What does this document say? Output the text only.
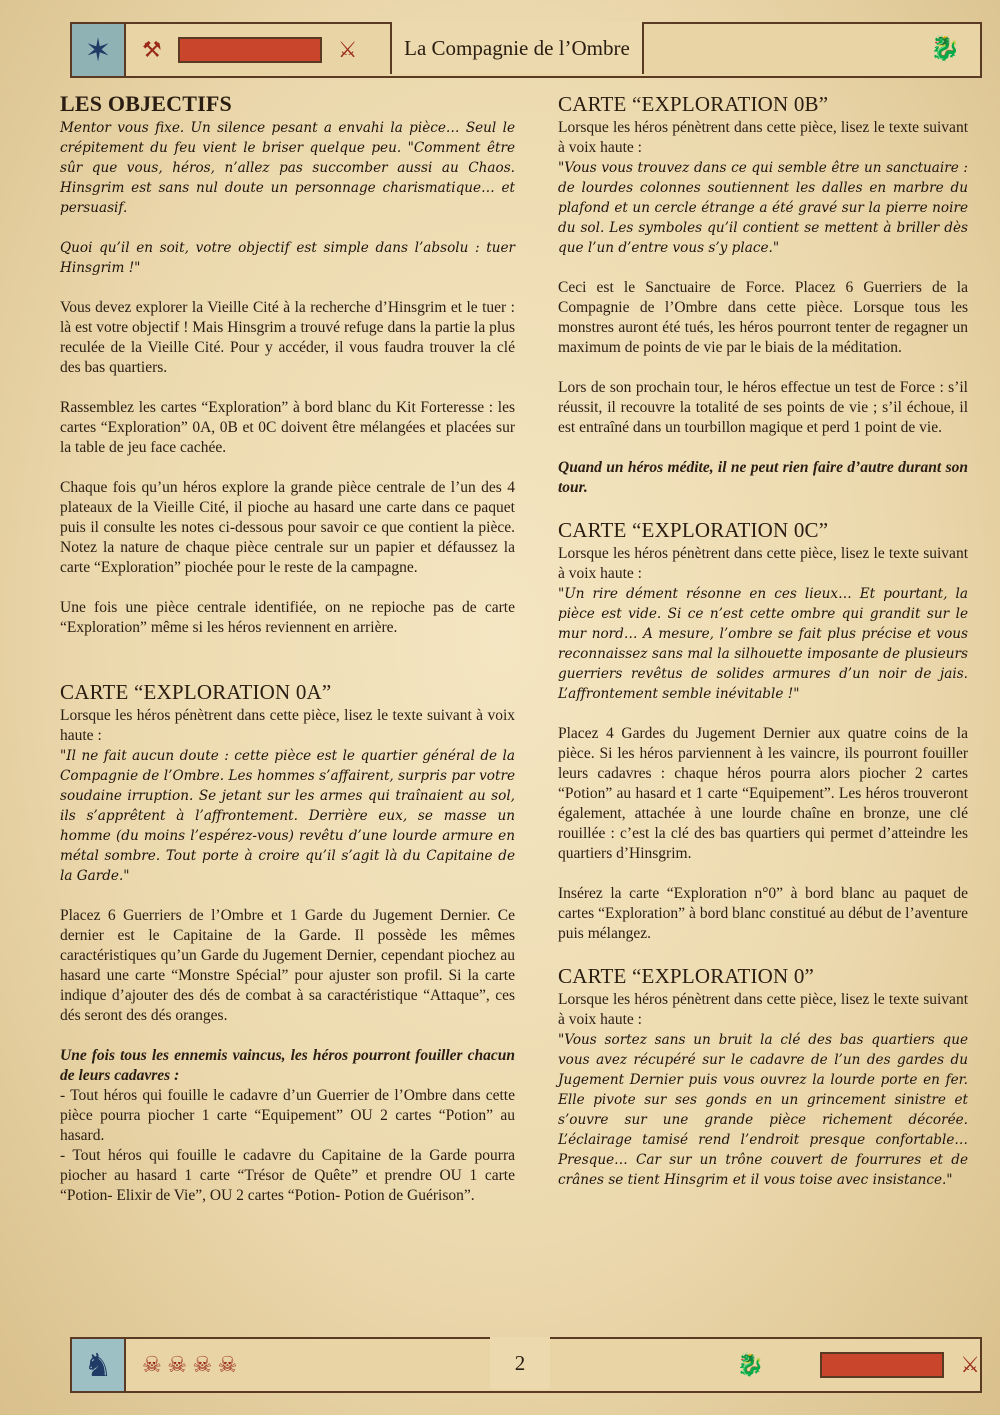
⚒	⚔	🐉
✶	La Compagnie de l’Ombre
LES OBJECTIFS

Mentor vous fixe. Un silence pesant a envahi la pièce… Seul le crépitement du feu vient le briser quelque peu. "Comment être sûr que vous, héros, n’allez pas succomber aussi au Chaos. Hinsgrim est sans nul doute un personnage charismatique… et persuasif.

Quoi qu’il en soit, votre objectif est simple dans l’absolu : tuer Hinsgrim !"

Vous devez explorer la Vieille Cité à la recherche d’Hinsgrim et le tuer : là est votre objectif ! Mais Hinsgrim a trouvé refuge dans la partie la plus reculée de la Vieille Cité. Pour y accéder, il vous faudra trouver la clé des bas quartiers.

Rassemblez les cartes “Exploration” à bord blanc du Kit Forteresse : les cartes “Exploration” 0A, 0B et 0C doivent être mélangées et placées sur la table de jeu face cachée.

Chaque fois qu’un héros explore la grande pièce centrale de l’un des 4 plateaux de la Vieille Cité, il pioche au hasard une carte dans ce paquet puis il consulte les notes ci-dessous pour savoir ce que contient la pièce. Notez la nature de chaque pièce centrale sur un papier et défaussez la carte “Exploration” piochée pour le reste de la campagne.

Une fois une pièce centrale identifiée, on ne repioche pas de carte “Exploration” même si les héros reviennent en arrière.

CARTE “EXPLORATION 0A”

Lorsque les héros pénètrent dans cette pièce, lisez le texte suivant à voix haute :

"Il ne fait aucun doute : cette pièce est le quartier général de la Compagnie de l’Ombre. Les hommes s’affairent, surpris par votre soudaine irruption. Se jetant sur les armes qui traînaient au sol, ils s’apprêtent à l’affrontement. Derrière eux, se masse un homme (du moins l’espérez-vous) revêtu d’une lourde armure en métal sombre. Tout porte à croire qu’il s’agit là du Capitaine de la Garde."

Placez 6 Guerriers de l’Ombre et 1 Garde du Jugement Dernier. Ce dernier est le Capitaine de la Garde. Il possède les mêmes caractéristiques qu’un Garde du Jugement Dernier, cependant piochez au hasard une carte “Monstre Spécial” pour ajuster son profil. Si la carte indique d’ajouter des dés de combat à sa caractéristique “Attaque”, ces dés seront des dés oranges.

Une fois tous les ennemis vaincus, les héros pourront fouiller chacun de leurs cadavres :

- Tout héros qui fouille le cadavre d’un Guerrier de l’Ombre dans cette pièce pourra piocher 1 carte “Equipement” OU 2 cartes “Potion” au hasard.

- Tout héros qui fouille le cadavre du Capitaine de la Garde pourra piocher au hasard 1 carte “Trésor de Quête” et prendre OU 1 carte “Potion- Elixir de Vie”, OU 2 cartes “Potion- Potion de Guérison”.

CARTE “EXPLORATION 0B”

Lorsque les héros pénètrent dans cette pièce, lisez le texte suivant à voix haute :

"Vous vous trouvez dans ce qui semble être un sanctuaire : de lourdes colonnes soutiennent les dalles en marbre du plafond et un cercle étrange a été gravé sur la pierre noire du sol. Les symboles qu’il contient se mettent à briller dès que l’un d’entre vous s’y place."

Ceci est le Sanctuaire de Force. Placez 6 Guerriers de la Compagnie de l’Ombre dans cette pièce. Lorsque tous les monstres auront été tués, les héros pourront tenter de regagner un maximum de points de vie par le biais de la méditation.

Lors de son prochain tour, le héros effectue un test de Force : s’il réussit, il recouvre la totalité de ses points de vie ; s’il échoue, il est entraîné dans un tourbillon magique et perd 1 point de vie.

Quand un héros médite, il ne peut rien faire d’autre durant son tour.

CARTE “EXPLORATION 0C”

Lorsque les héros pénètrent dans cette pièce, lisez le texte suivant à voix haute :

"Un rire dément résonne en ces lieux… Et pourtant, la pièce est vide. Si ce n’est cette ombre qui grandit sur le mur nord… A mesure, l’ombre se fait plus précise et vous reconnaissez sans mal la silhouette imposante de plusieurs guerriers revêtus de solides armures d’un noir de jais. L’affrontement semble inévitable !"

Placez 4 Gardes du Jugement Dernier aux quatre coins de la pièce. Si les héros parviennent à les vaincre, ils pourront fouiller leurs cadavres : chaque héros pourra alors piocher 2 cartes “Potion” au hasard et 1 carte “Equipement”. Les héros trouveront également, attachée à une lourde chaîne en bronze, une clé rouillée : c’est la clé des bas quartiers qui permet d’atteindre les quartiers d’Hinsgrim.

Insérez la carte “Exploration n°0” à bord blanc au paquet de cartes “Exploration” à bord blanc constitué au début de l’aventure puis mélangez.

CARTE “EXPLORATION 0”

Lorsque les héros pénètrent dans cette pièce, lisez le texte suivant à voix haute :

"Vous sortez sans un bruit la clé des bas quartiers que vous avez récupéré sur le cadavre de l’un des gardes du Jugement Dernier puis vous ouvrez la lourde porte en fer. Elle pivote sur ses gonds en un grincement sinistre et s’ouvre sur une grande pièce richement décorée. L’éclairage tamisé rend l’endroit presque confortable… Presque… Car sur un trône couvert de fourrures et de crânes se tient Hinsgrim et il vous toise avec insistance."

☠ ☠ ☠ ☠	🐉	⚔
♞	2
